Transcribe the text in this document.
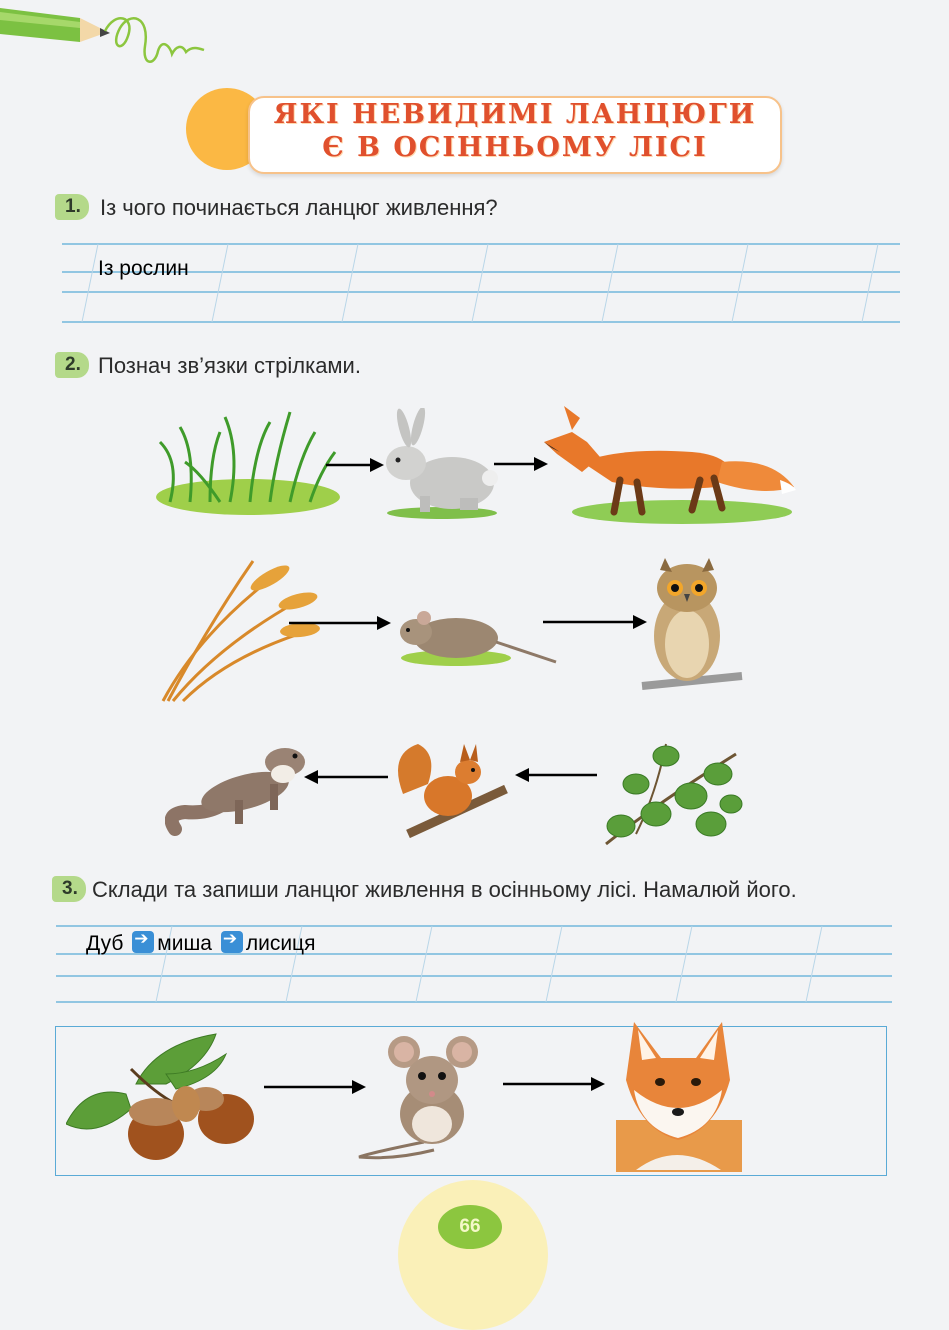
ЯКІ НЕВИДИМІ ЛАНЦЮГИ
Є В ОСІННЬОМУ ЛІСІ
1. Із чого починається ланцюг живлення?
Із рослин
2. Познач зв’язки стрілками.
3. Склади та запиши ланцюг живлення в осінньому лісі. Намалюй його.
Дуб ➔ миша ➔ лисиця
66
